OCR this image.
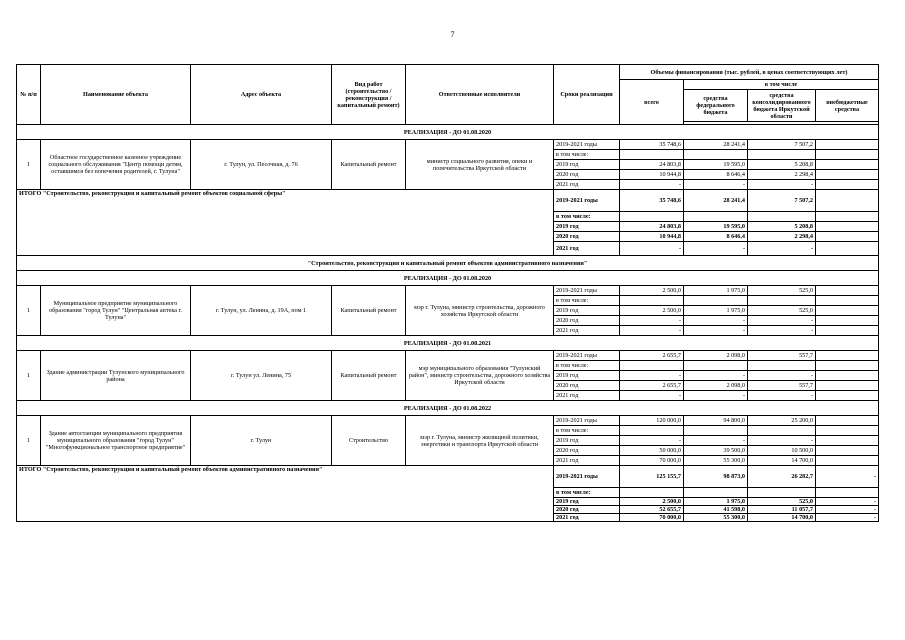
7
№ п/п	Наименование объекта	Адрес объекта	Вид работ (строительство /реконструкция /капитальный ремонт)	Ответственные исполнители	Сроки реализации	Объемы финансирования (тыс. рублей, в ценах соответствующих лет)			
						всего	в том числе		
							средства федерального бюджета	средства консолидированного бюджета Иркутской области	внебюджетные средства

РЕАЛИЗАЦИЯ - ДО 01.08.2020									
1	Областное государственное казенное учреждение социального обслуживания "Центр помощи детям, оставшимся без попечения родителей, г. Тулуна"	г. Тулун, ул. Песочная, д. 76	Капитальный ремонт	министр социального развития, опеки и попечительства Иркутской области	2019-2021 годы	35 748,6	28 241,4	7 507,2	
					в том числе:				
					2019 год	24 803,8	19 595,0	5 208,8	
					2020 год	10 944,8	8 646,4	2 298,4	
					2021 год	-	-	-	
ИТОГО "Строительство, реконструкция и капитальный ремонт объектов социальной сферы"					2019-2021 годы	35 748,6	28 241,4	7 507,2	
					в том числе:				
					2019 год	24 803,8	19 595,0	5 208,8	
					2020 год	10 944,8	8 646,4	2 298,4	
					2021 год	-	-	-	
"Строительство, реконструкция и капитальный ремонт объектов административного назначения"									
РЕАЛИЗАЦИЯ - ДО 01.08.2020									
1	Муниципальное предприятие муниципального образования "город Тулун" "Центральная аптека г. Тулуна"	г. Тулун, ул. Ленина, д. 19А, пом 1	Капитальный ремонт	мэр г. Тулуна, министр строительства, дорожного хозяйства Иркутской области	2019-2021 годы	2 500,0	1 975,0	525,0	
					в том числе:				
					2019 год	2 500,0	1 975,0	525,0	
					2020 год	-	-	-	
					2021 год	-	-	-	
РЕАЛИЗАЦИЯ - ДО 01.08.2021									
1	Здание администрации Тулунского муниципального района	г. Тулун ул. Ленина, 75	Капитальный ремонт	мэр муниципального образования "Тулунский район", министр строительства, дорожного хозяйства Иркутской области	2019-2021 годы	2 655,7	2 098,0	557,7	
					в том числе:				
					2019 год	-	-	-	
					2020 год	2 655,7	2 098,0	557,7	
					2021 год	-	-	-	
РЕАЛИЗАЦИЯ - ДО 01.08.2022									
1	Здание автостанции муниципального предприятия муниципального образования "город Тулун" "Многофункциональное транспортное предприятие"	г. Тулун	Строительство	мэр г. Тулуна, министр жилищной политики, энергетики и транспорта Иркутской области	2019-2021 годы	120 000,0	94 800,0	25 200,0	
					в том числе:				
					2019 год	-	-	-	
					2020 год	50 000,0	39 500,0	10 500,0	
					2021 год	70 000,0	55 300,0	14 700,0	
ИТОГО "Строительство, реконструкция и капитальный ремонт объектов административного назначения"					2019-2021 годы	125 155,7	98 873,0	26 282,7	-
					в том числе:				
					2019 год	2 500,0	1 975,0	525,0	-
					2020 год	52 655,7	41 598,0	11 057,7	-
					2021 год	70 000,0	55 300,0	14 700,0	-
